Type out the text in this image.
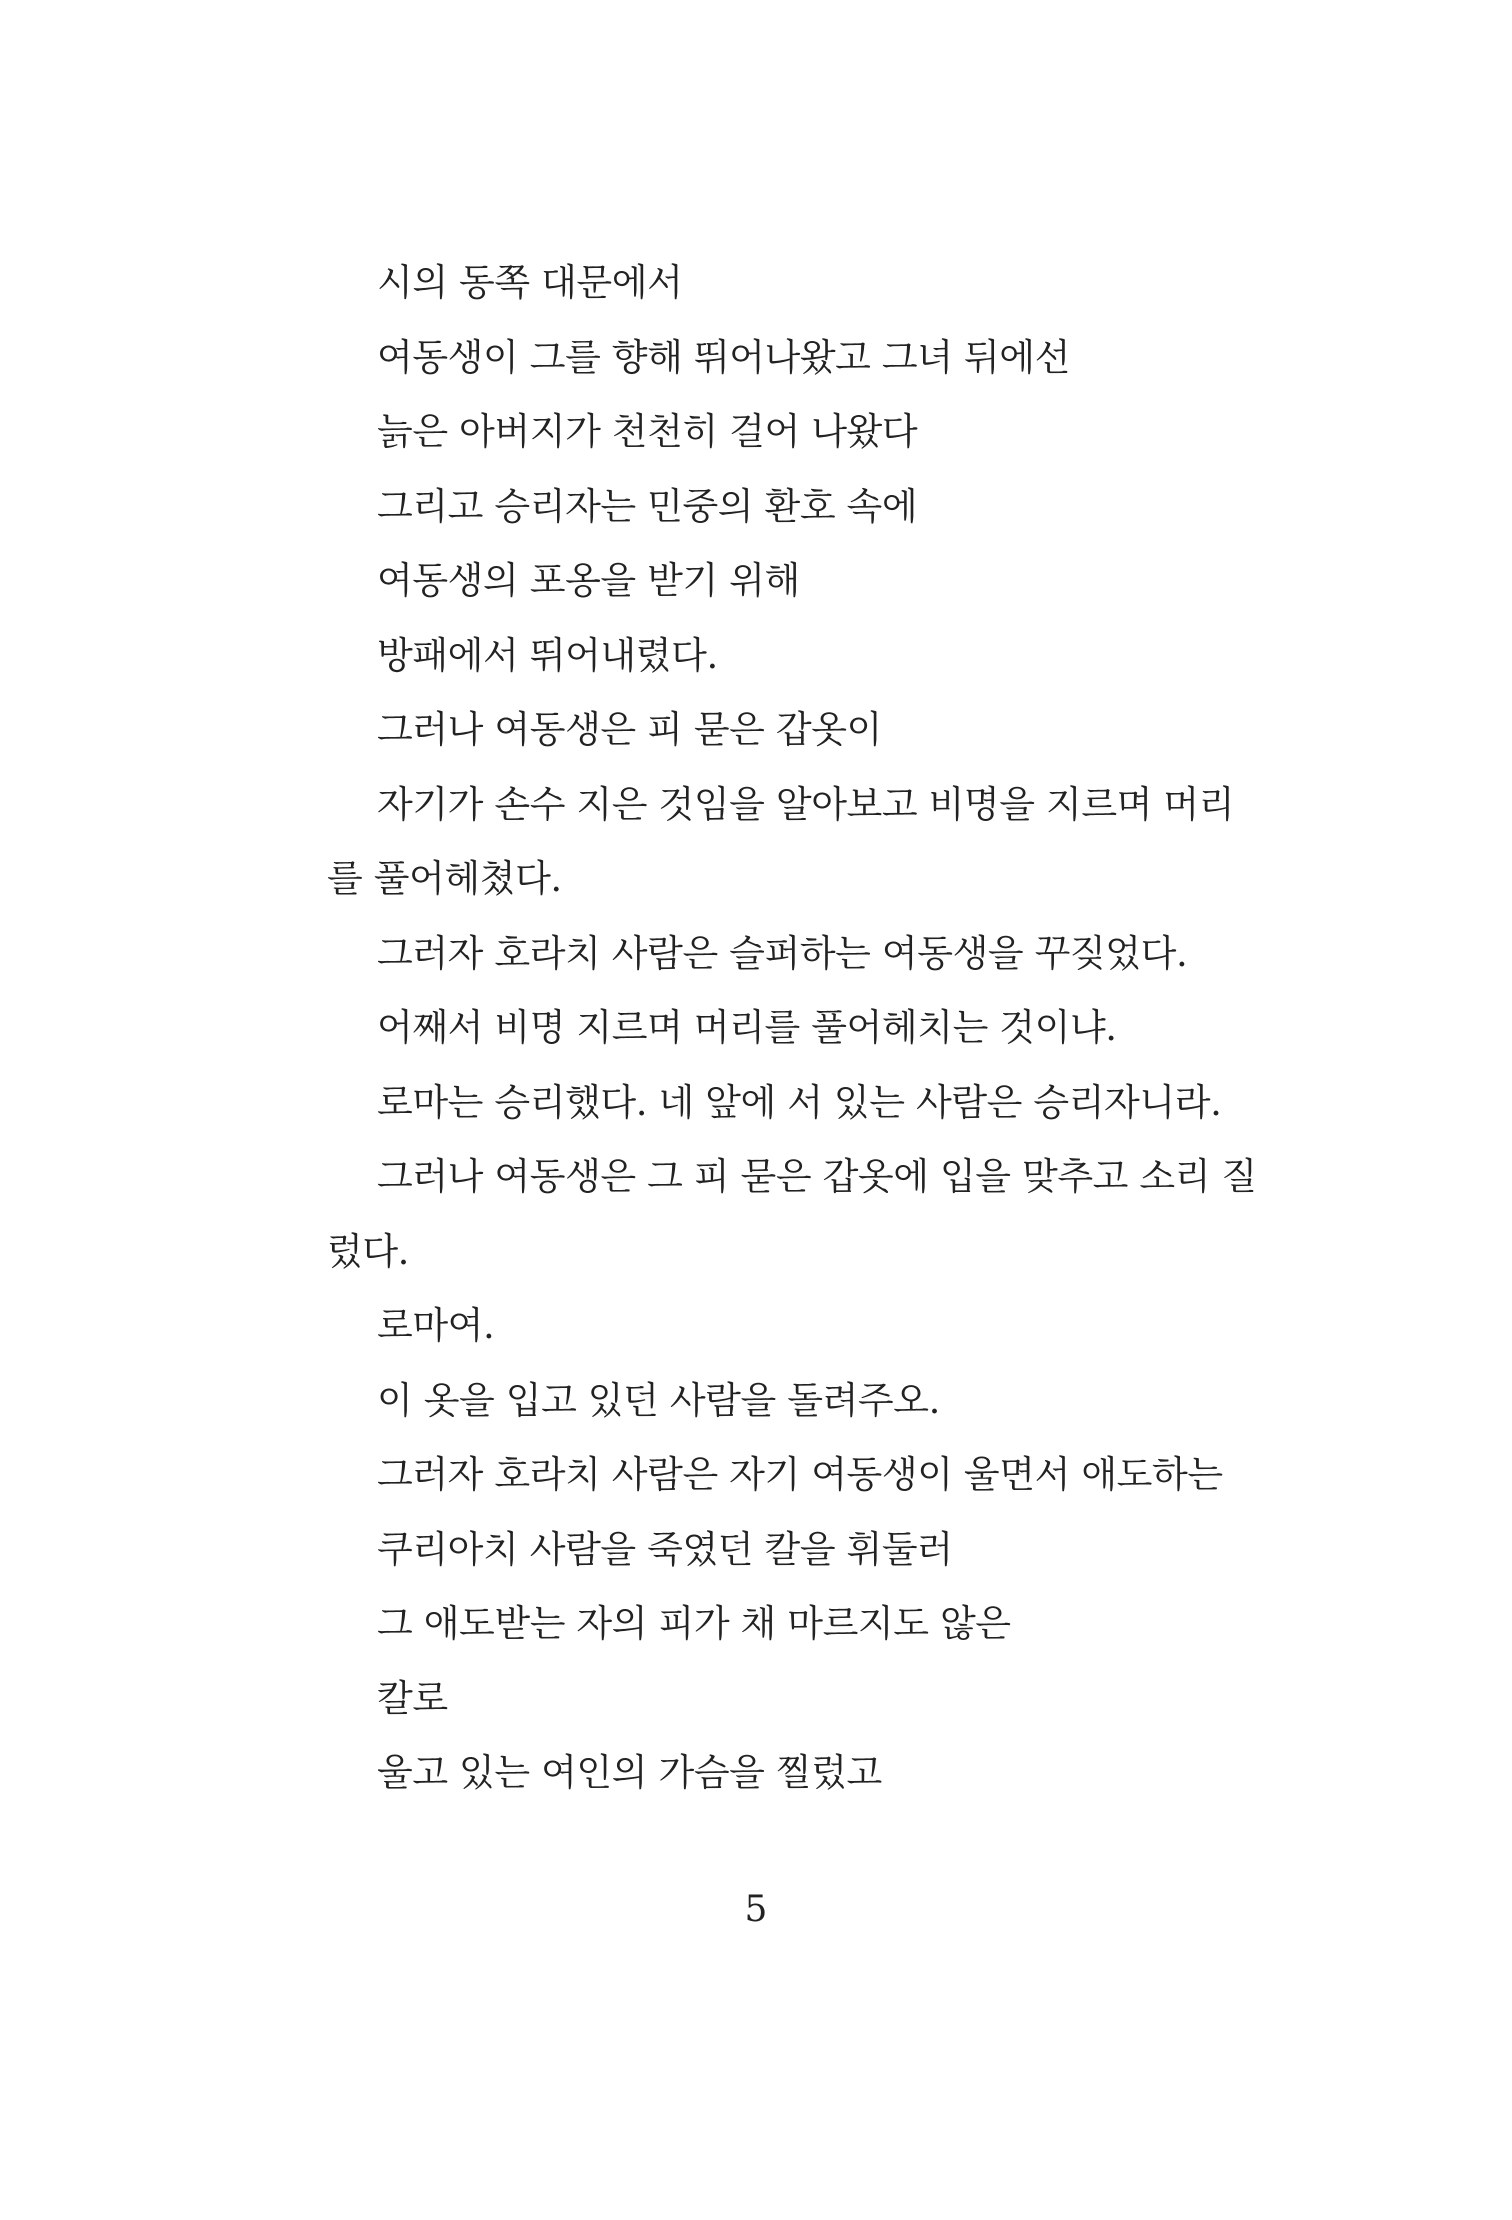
시의 동쪽 대문에서
여동생이 그를 향해 뛰어나왔고 그녀 뒤에선
늙은 아버지가 천천히 걸어 나왔다
그리고 승리자는 민중의 환호 속에
여동생의 포옹을 받기 위해
방패에서 뛰어내렸다.
그러나 여동생은 피 묻은 갑옷이
자기가 손수 지은 것임을 알아보고 비명을 지르며 머리
를 풀어헤쳤다.
그러자 호라치 사람은 슬퍼하는 여동생을 꾸짖었다.
어째서 비명 지르며 머리를 풀어헤치는 것이냐.
로마는 승리했다. 네 앞에 서 있는 사람은 승리자니라.
그러나 여동생은 그 피 묻은 갑옷에 입을 맞추고 소리 질
렀다.
로마여.
이 옷을 입고 있던 사람을 돌려주오.
그러자 호라치 사람은 자기 여동생이 울면서 애도하는
쿠리아치 사람을 죽였던 칼을 휘둘러
그 애도받는 자의 피가 채 마르지도 않은
칼로
울고 있는 여인의 가슴을 찔렀고
5
